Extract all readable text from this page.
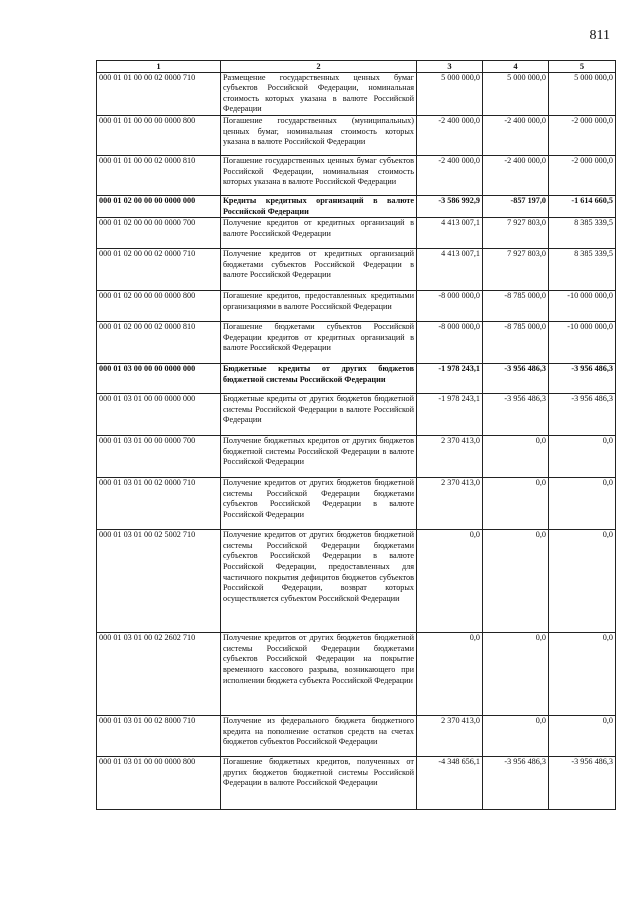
811
1	2	3	4	5
000 01 01 00 00 02 0000 710	Размещение государственных ценных бумаг субъектов Российской Федерации, номинальная стоимость которых указана в валюте Российской Федерации	5 000 000,0	5 000 000,0	5 000 000,0
000 01 01 00 00 00 0000 800	Погашение государственных (муниципальных) ценных бумаг, номинальная стоимость которых указана в валюте Российской Федерации	-2 400 000,0	-2 400 000,0	-2 000 000,0
000 01 01 00 00 02 0000 810	Погашение государственных ценных бумаг субъектов Российской Федерации, номинальная стоимость которых указана в валюте Российской Федерации	-2 400 000,0	-2 400 000,0	-2 000 000,0
000 01 02 00 00 00 0000 000	Кредиты кредитных организаций в валюте Российской Федерации	-3 586 992,9	-857 197,0	-1 614 660,5
000 01 02 00 00 00 0000 700	Получение кредитов от кредитных организаций в валюте Российской Федерации	4 413 007,1	7 927 803,0	8 385 339,5
000 01 02 00 00 02 0000 710	Получение кредитов от кредитных организаций бюджетами субъектов Российской Федерации в валюте Российской Федерации	4 413 007,1	7 927 803,0	8 385 339,5
000 01 02 00 00 00 0000 800	Погашение кредитов, предоставленных кредитными организациями в валюте Российской Федерации	-8 000 000,0	-8 785 000,0	-10 000 000,0
000 01 02 00 00 02 0000 810	Погашение бюджетами субъектов Российской Федерации кредитов от кредитных организаций в валюте Российской Федерации	-8 000 000,0	-8 785 000,0	-10 000 000,0
000 01 03 00 00 00 0000 000	Бюджетные кредиты от других бюджетов бюджетной системы Российской Федерации	-1 978 243,1	-3 956 486,3	-3 956 486,3
000 01 03 01 00 00 0000 000	Бюджетные кредиты от других бюджетов бюджетной системы Российской Федерации в валюте Российской Федерации	-1 978 243,1	-3 956 486,3	-3 956 486,3
000 01 03 01 00 00 0000 700	Получение бюджетных кредитов от других бюджетов бюджетной системы Российской Федерации в валюте Российской Федерации	2 370 413,0	0,0	0,0
000 01 03 01 00 02 0000 710	Получение кредитов от других бюджетов бюджетной системы Российской Федерации бюджетами субъектов Российской Федерации в валюте Российской Федерации	2 370 413,0	0,0	0,0
000 01 03 01 00 02 5002 710	Получение кредитов от других бюджетов бюджетной системы Российской Федерации бюджетами субъектов Российской Федерации в валюте Российской Федерации, предоставленных для частичного покрытия дефицитов бюджетов субъектов Российской Федерации, возврат которых осуществляется субъектом Российской Федерации	0,0	0,0	0,0
000 01 03 01 00 02 2602 710	Получение кредитов от других бюджетов бюджетной системы Российской Федерации бюджетами субъектов Российской Федерации на покрытие временного кассового разрыва, возникающего при исполнении бюджета субъекта Российской Федерации	0,0	0,0	0,0
000 01 03 01 00 02 8000 710	Получение из федерального бюджета бюджетного кредита на пополнение остатков средств на счетах бюджетов субъектов Российской Федерации	2 370 413,0	0,0	0,0
000 01 03 01 00 00 0000 800	Погашение бюджетных кредитов, полученных от других бюджетов бюджетной системы Российской Федерации в валюте Российской Федерации	-4 348 656,1	-3 956 486,3	-3 956 486,3
